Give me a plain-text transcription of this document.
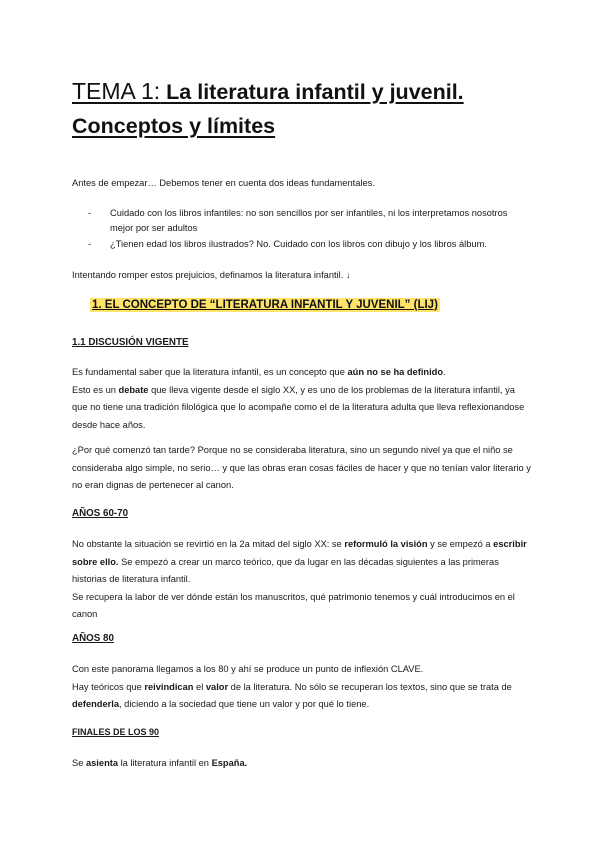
TEMA 1: La literatura infantil y juvenil. Conceptos y límites
Antes de empezar… Debemos tener en cuenta dos ideas fundamentales.
- Cuidado con los libros infantiles: no son sencillos por ser infantiles, ni los interpretamos nosotros mejor por ser adultos
- ¿Tienen edad los libros ilustrados? No. Cuidado con los libros con dibujo y los libros álbum.
Intentando romper estos prejuicios, definamos la literatura infantil. ↓
1. EL CONCEPTO DE “LITERATURA INFANTIL Y JUVENIL” (LIJ)
1.1 DISCUSIÓN VIGENTE
Es fundamental saber que la literatura infantil, es un concepto que aún no se ha definido.
Esto es un debate que lleva vigente desde el siglo XX, y es uno de los problemas de la literatura infantil, ya que no tiene una tradición filológica que lo acompañe como el de la literatura adulta que lleva reflexionandose desde hace años.
¿Por qué comenzó tan tarde? Porque no se consideraba literatura, sino un segundo nivel ya que el niño se consideraba algo simple, no serio… y que las obras eran cosas fáciles de hacer y que no tenían valor literario y no eran dignas de pertenecer al canon.
AÑOS 60-70
No obstante la situación se revirtió en la 2a mitad del siglo XX: se reformuló la visión y se empezó a escribir sobre ello. Se empezó a crear un marco teórico, que da lugar en las décadas siguientes a las primeras historias de literatura infantil.
Se recupera la labor de ver dónde están los manuscritos, qué patrimonio tenemos y cuál introducimos en el canon
AÑOS 80
Con este panorama llegamos a los 80 y ahí se produce un punto de inflexión CLAVE.
Hay teóricos que reivindican el valor de la literatura. No sólo se recuperan los textos, sino que se trata de defenderla, diciendo a la sociedad que tiene un valor y por qué lo tiene.
FINALES DE LOS 90
Se asienta la literatura infantil en España.
